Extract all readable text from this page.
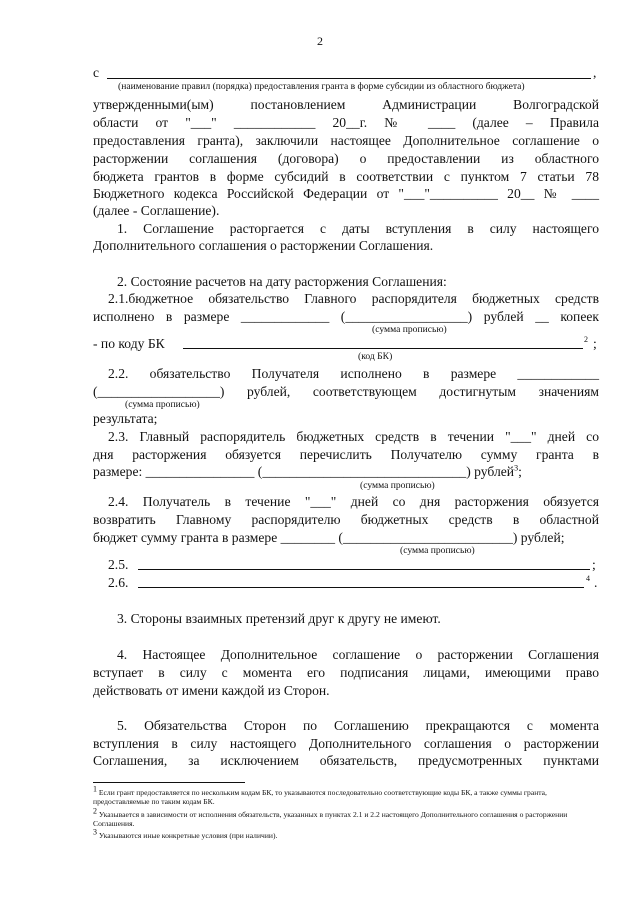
2
с	,
(наименование правил (порядка) предоставления гранта в форме субсидии из областного бюджета)
утвержденными(ым) постановлением Администрации Волгоградской
области от "___" ____________ 20__г. № ____ (далее – Правила
предоставления гранта), заключили настоящее Дополнительное соглашение о
расторжении соглашения (договора) о предоставлении из областного
бюджета грантов в форме субсидий в соответствии с пунктом 7 статьи 78
Бюджетного кодекса Российской Федерации от "___"__________ 20__ № ____
(далее - Соглашение).
1. Соглашение расторгается с даты вступления в силу настоящего
Дополнительного соглашения о расторжении Соглашения.
2. Состояние расчетов на дату расторжения Соглашения:
2.1.бюджетное обязательство Главного распорядителя бюджетных средств
исполнено в размере _____________ (__________________) рублей __ копеек
(сумма прописью)
- по коду БК	2 ;
(код БК)
2.2. обязательство Получателя исполнено в размере ____________
(__________________) рублей, соответствующем достигнутым значениям
(сумма прописью)
результата;
2.3. Главный распорядитель бюджетных средств в течении "___" дней со
дня расторжения обязуется перечислить Получателю сумму гранта в
размере: ________________ (______________________________) рублей$^3$;
(сумма прописью)
2.4. Получатель в течение "___" дней со дня расторжения обязуется
возвратить Главному распорядителю бюджетных средств в областной
бюджет сумму гранта в размере ________ (_________________________) рублей;
(сумма прописью)
2.5.	;
2.6.	4 .
3. Стороны взаимных претензий друг к другу не имеют.
4. Настоящее Дополнительное соглашение о расторжении Соглашения
вступает в силу с момента его подписания лицами, имеющими право
действовать от имени каждой из Сторон.
5. Обязательства Сторон по Соглашению прекращаются с момента
вступления в силу настоящего Дополнительного соглашения о расторжении
Соглашения, за исключением обязательств, предусмотренных пунктами
$^1$ Если грант предоставляется по нескольким кодам БК, то указываются последовательно соответствующие коды БК, а также суммы гранта, предоставляемые по таким кодам БК.
$^2$ Указывается в зависимости от исполнения обязательств, указанных в пунктах 2.1 и 2.2 настоящего Дополнительного соглашения о расторжении Соглашения.
$^3$ Указываются иные конкретные условия (при наличии).
